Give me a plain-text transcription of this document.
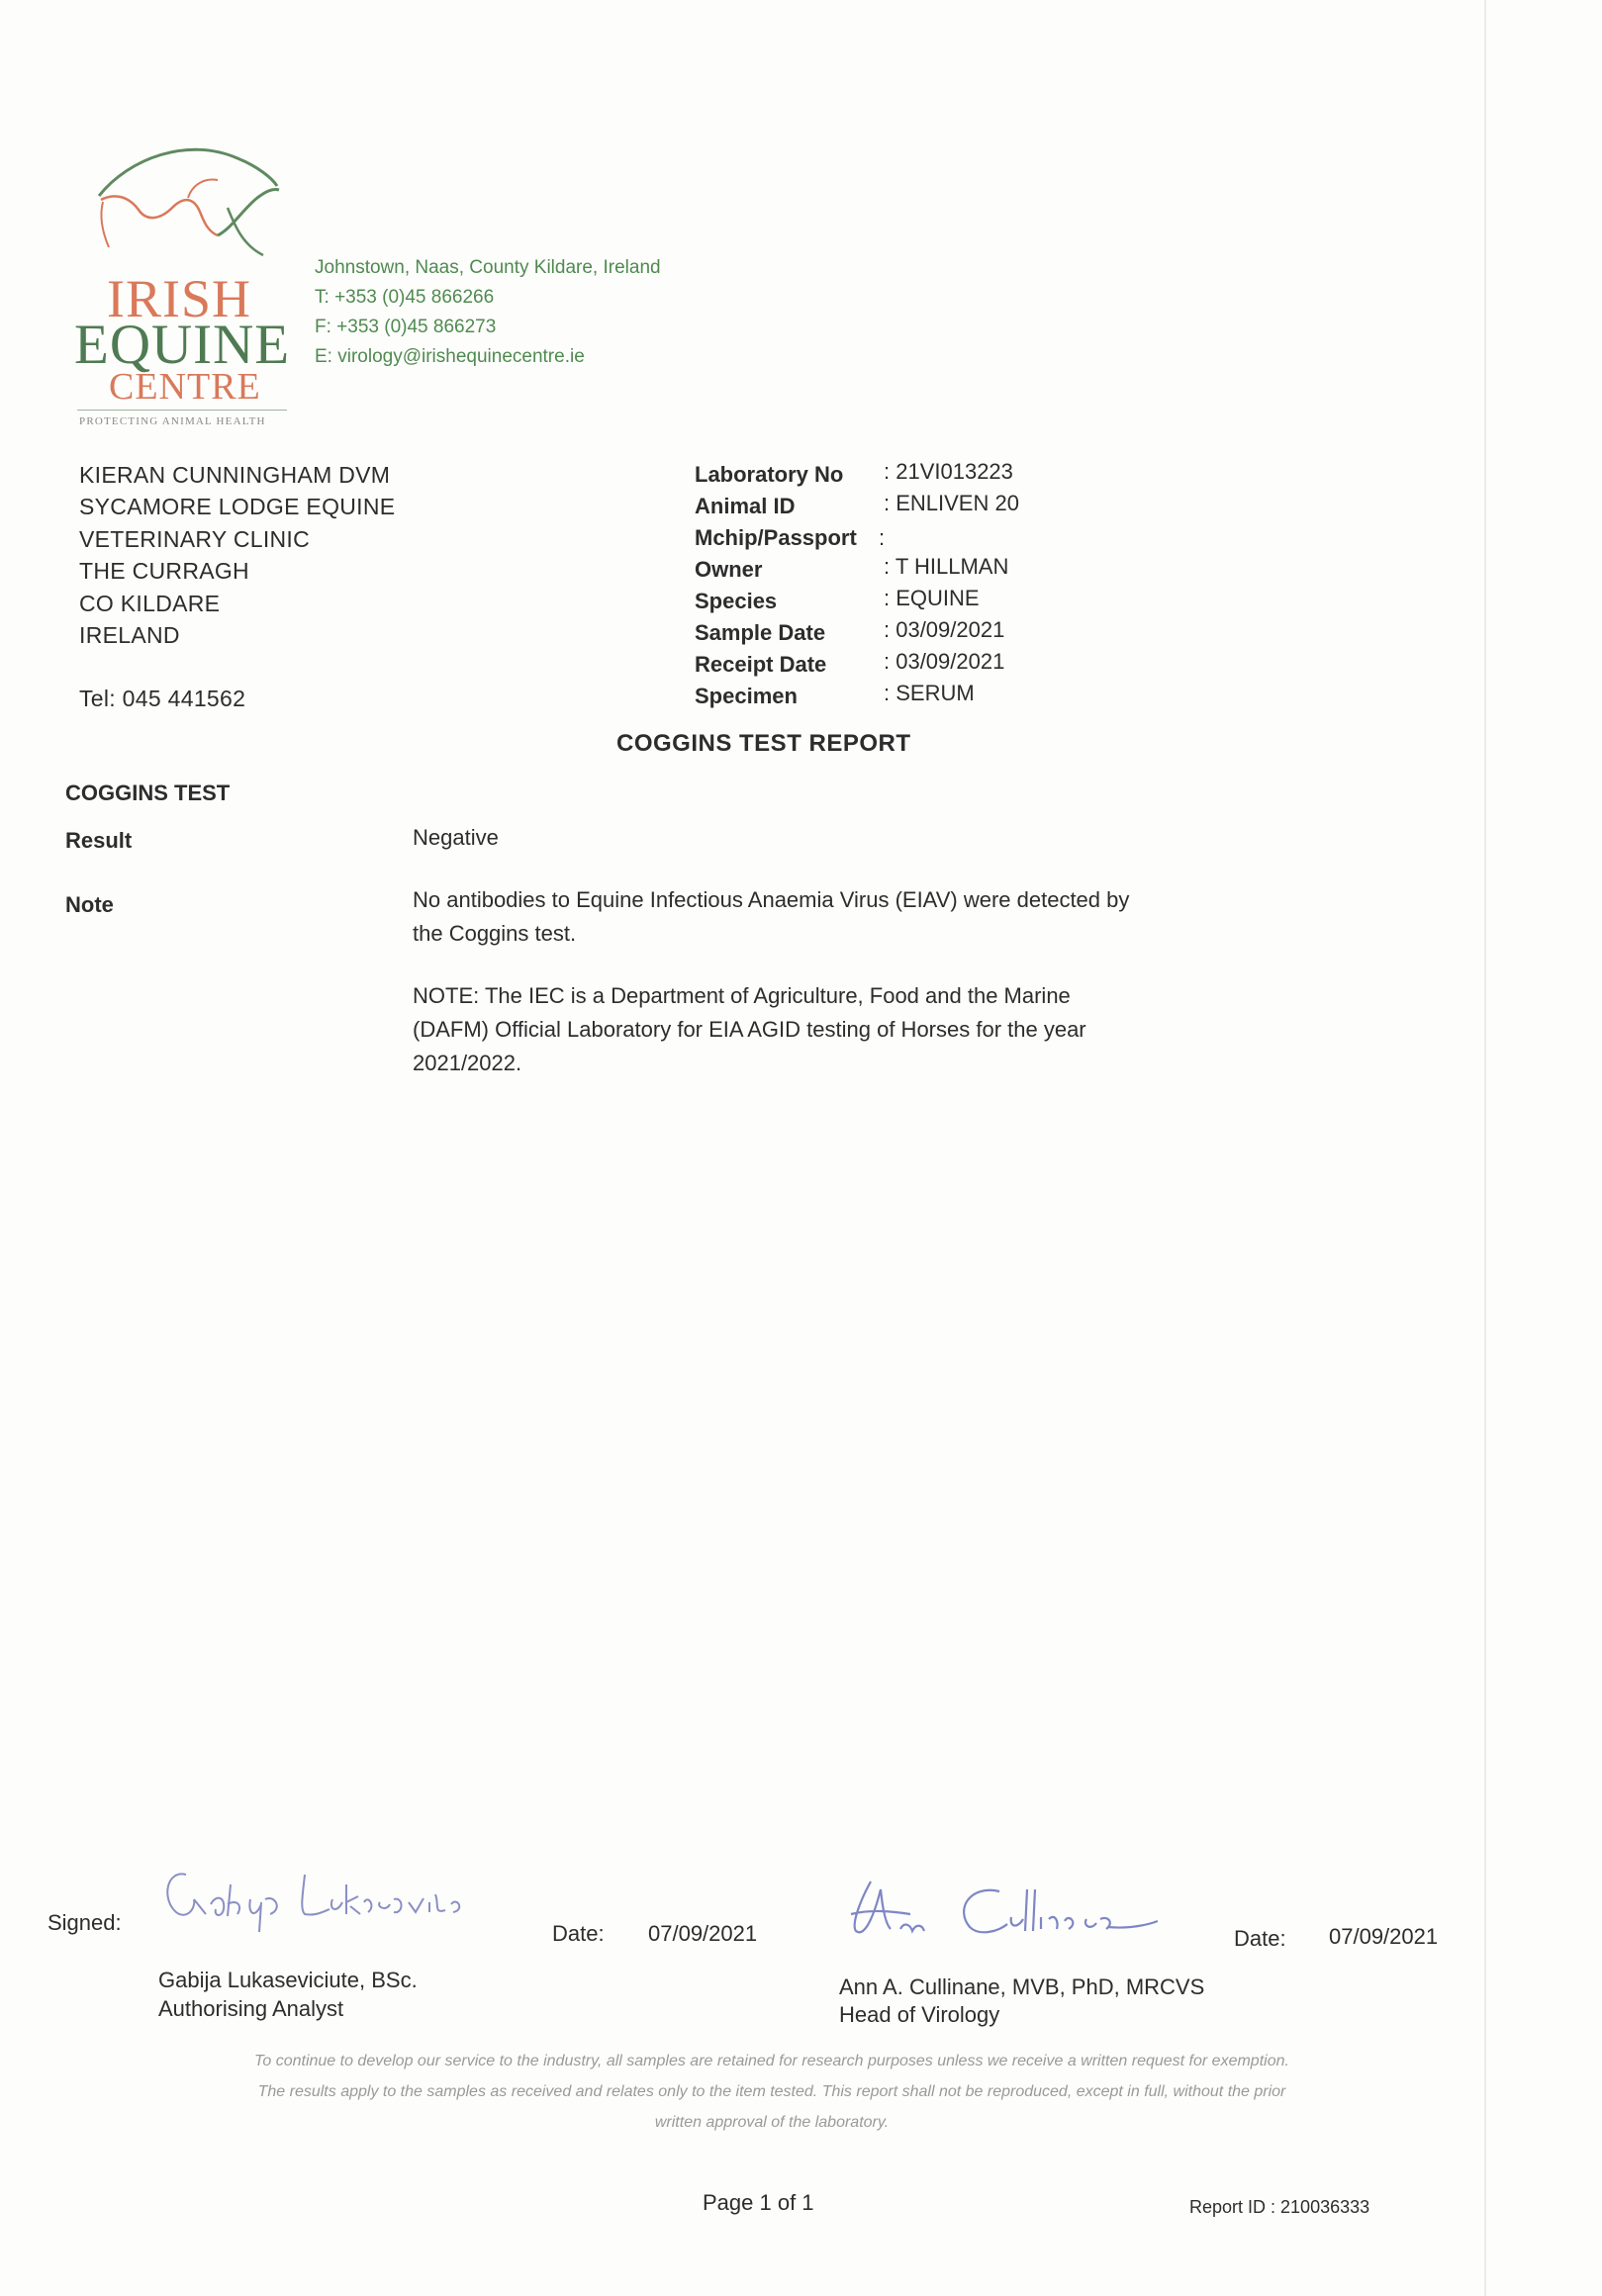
IRISH
EQUINE
CENTRE
PROTECTING ANIMAL HEALTH
Johnstown, Naas, County Kildare, Ireland
T: +353 (0)45 866266
F: +353 (0)45 866273
E: virology@irishequinecentre.ie
KIERAN CUNNINGHAM DVM
SYCAMORE LODGE EQUINE
VETERINARY CLINIC
THE CURRAGH
CO KILDARE
IRELAND
Tel: 045 441562
Laboratory No : 21VI013223
Animal ID	: ENLIVEN 20
Mchip/Passport :
Owner	: T HILLMAN
Species	: EQUINE
Sample Date	: 03/09/2021
Receipt Date	: 03/09/2021
Specimen	: SERUM
COGGINS TEST REPORT
COGGINS TEST
Result	Negative
Note	No antibodies to Equine Infectious Anaemia Virus (EIAV) were detected by
the Coggins test.
NOTE: The IEC is a Department of Agriculture, Food and the Marine
(DAFM) Official Laboratory for EIA AGID testing of Horses for the year
2021/2022.
Signed:
Gabija Lukaseviciute
Date: 07/09/2021
Gabija Lukaseviciute, BSc.
Authorising Analyst
Ann Cullinane
Date: 07/09/2021
Ann A. Cullinane, MVB, PhD, MRCVS
Head of Virology
To continue to develop our service to the industry, all samples are retained for research purposes unless we receive a written request for exemption.
The results apply to the samples as received and relates only to the item tested. This report shall not be reproduced, except in full, without the prior
written approval of the laboratory.
Page 1 of 1	Report ID : 210036333
